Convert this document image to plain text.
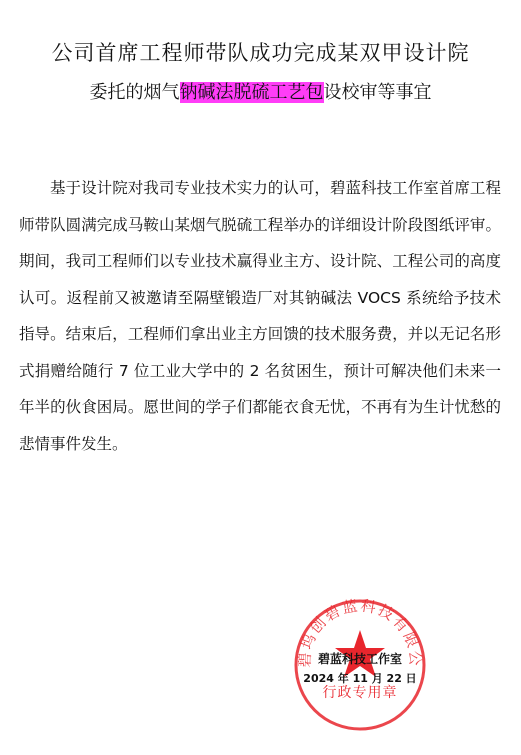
公司首席工程师带队成功完成某双甲设计院
委托的烟气钠碱法脱硫工艺包设校审等事宜
基于设计院对我司专业技术实力的认可，碧蓝科技工作室首席工程师带队圆满完成马鞍山某烟气脱硫工程举办的详细设计阶段图纸评审。期间，我司工程师们以专业技术赢得业主方、设计院、工程公司的高度认可。返程前又被邀请至隔壁锻造厂对其钠碱法 VOCS 系统给予技术指导。结束后，工程师们拿出业主方回馈的技术服务费，并以无记名形式捐赠给随行 7 位工业大学中的 2 名贫困生，预计可解决他们未来一年半的伙食困局。愿世间的学子们都能衣食无忧，不再有为生计忧愁的悲情事件发生。
碧坞创碧蓝科技有限公
碧蓝科技工作室
2024 年 11 月 22 日
行政专用章
